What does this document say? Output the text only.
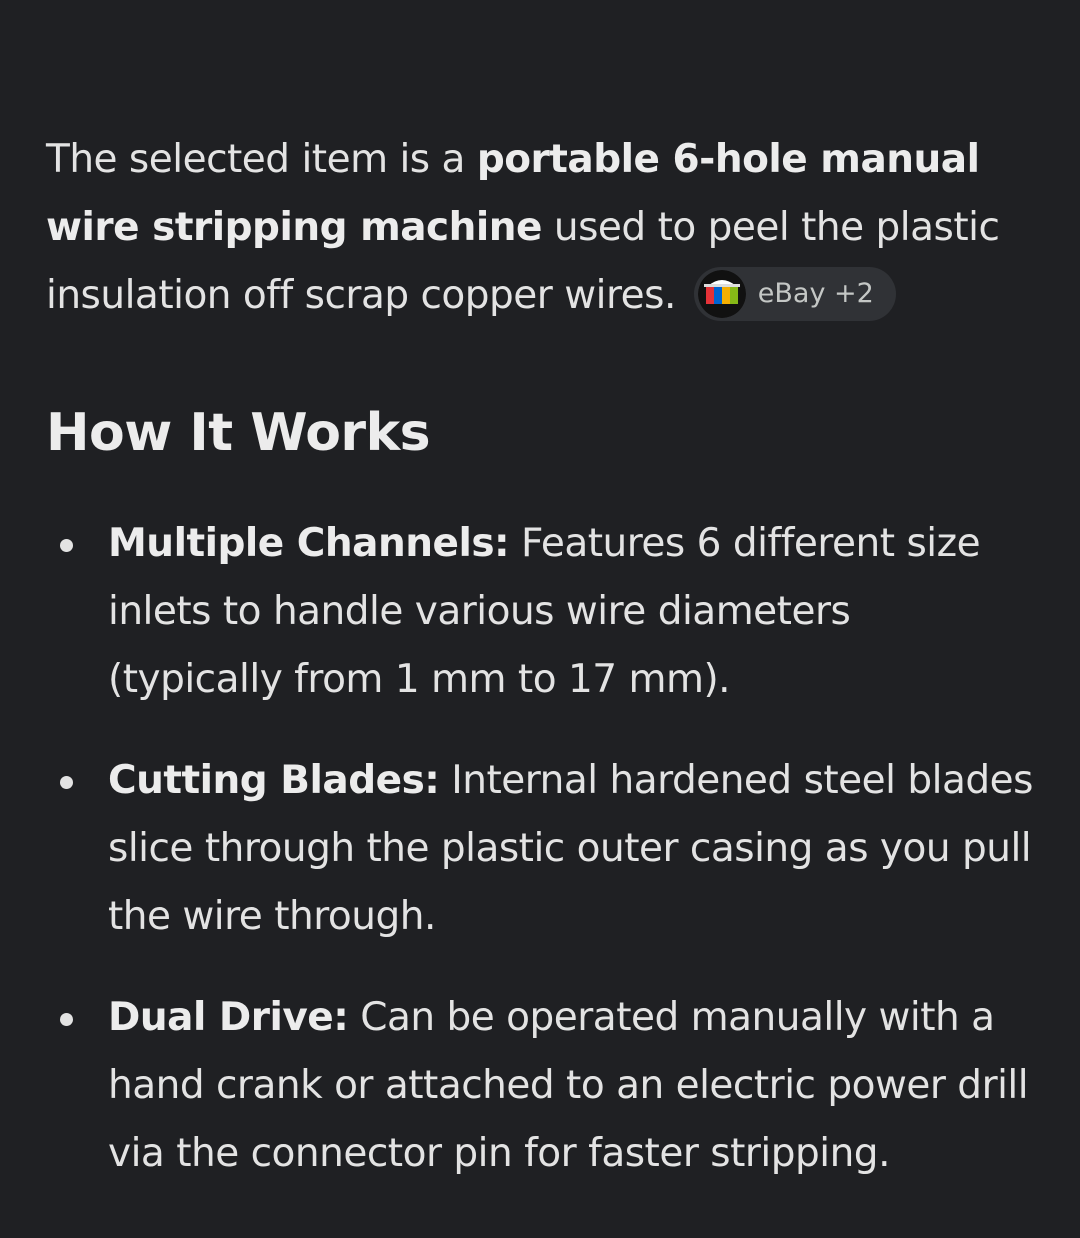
The selected item is a portable 6-hole manual wire stripping machine used to peel the plastic insulation off scrap copper wires.	eBay +2

How It Works
Multiple Channels: Features 6 different size inlets to handle various wire diameters (typically from 1 mm to 17 mm).
Cutting Blades: Internal hardened steel blades slice through the plastic outer casing as you pull the wire through.
Dual Drive: Can be operated manually with a hand crank or attached to an electric power drill via the connector pin for faster stripping.
